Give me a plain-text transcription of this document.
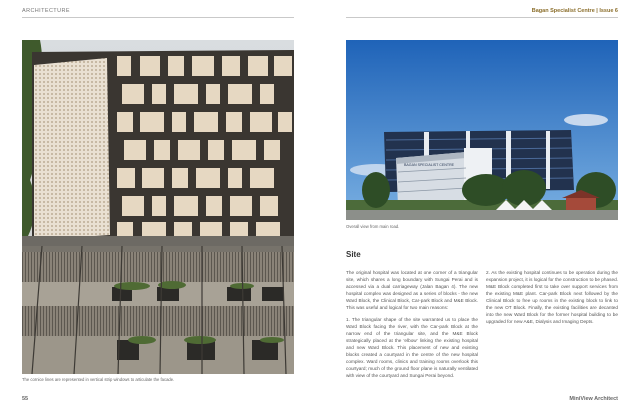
ARCHITECTURE	Bagan Specialist Centre | Issue 6
The cornice lines are represented in vertical strip windows to articulate the facade.
BAGAN SPECIALIST CENTRE
Overall view from main road.
Site

The original hospital was located at one corner of a triangular site, which shares a long boundary with Sungai Perai and is accessed via a dual carriageway (Jalan Bagan 4). The new hospital complex was designed as a series of blocks - the new Ward Block, the Clinical Block, Car-park Block and M&E Block. This was useful and logical for two main reasons:

1. The triangular shape of the site warranted us to place the Ward Block facing the river, with the Car-park Block at the narrow end of the triangular site, and the M&E Block strategically placed at the 'elbow' linking the existing hospital and new Ward Block. This placement of new and existing blocks created a courtyard in the centre of the new hospital complex. Ward rooms, clinics and training rooms overlook this courtyard; much of the ground floor plane is naturally ventilated with view of the courtyard and Sungai Perai beyond.

2. As the existing hospital continues to be operation during the expansion project, it is logical for the construction to be phased. M&E Block completed first to take over support services from the existing M&E plant. Car-park Block next followed by the Clinical Block to free up rooms in the existing block to link to the new OT Block. Finally, the existing facilities are decanted into the new Ward Block for the former hospital building to be upgraded for new A&E, Dialysis and Imaging Depts.

55	MiniView Architect
